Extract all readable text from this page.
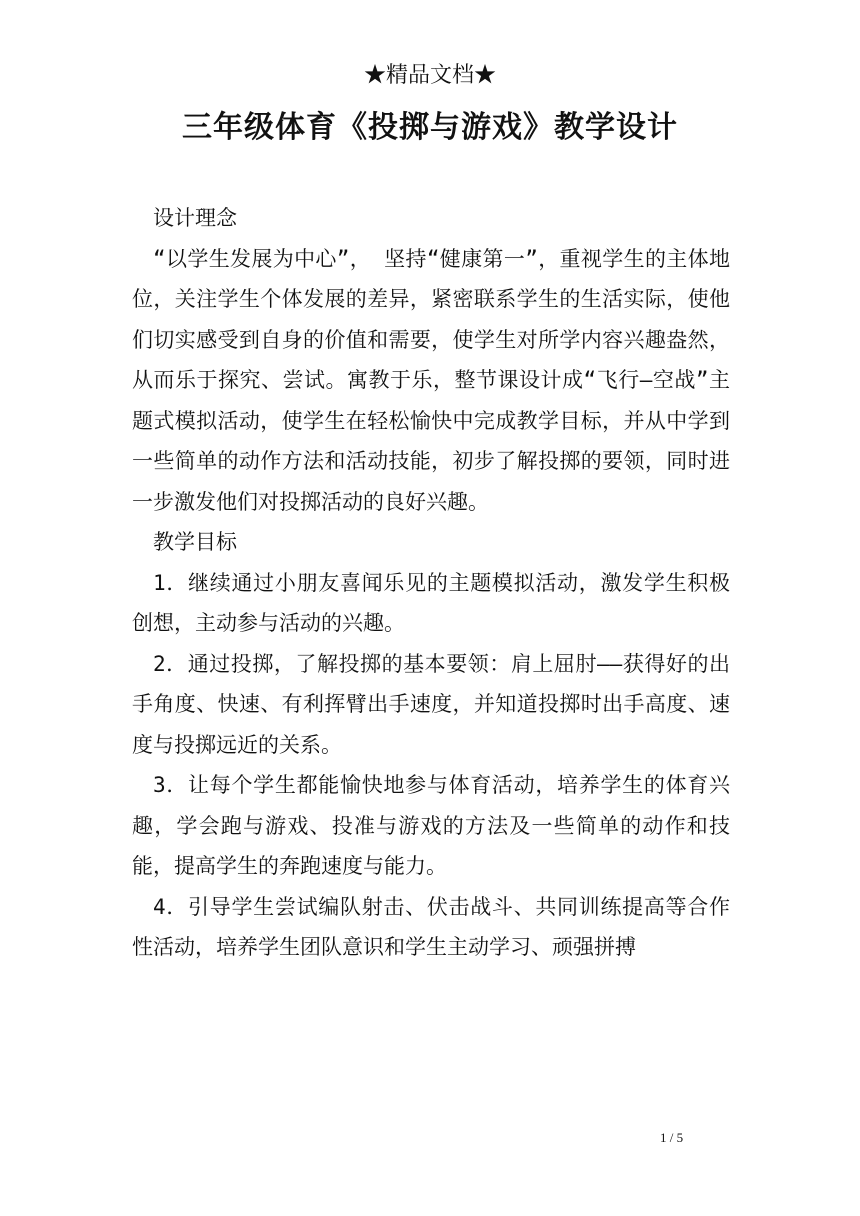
★精品文档★
三年级体育《投掷与游戏》教学设计

设计理念

“以学生发展为中心”， 坚持“健康第一”，重视学生的主体地位，关注学生个体发展的差异，紧密联系学生的生活实际，使他们切实感受到自身的价值和需要，使学生对所学内容兴趣盎然，从而乐于探究、尝试。寓教于乐，整节课设计成“飞行—空战”主题式模拟活动，使学生在轻松愉快中完成教学目标，并从中学到一些简单的动作方法和活动技能，初步了解投掷的要领，同时进一步激发他们对投掷活动的良好兴趣。

教学目标

1．继续通过小朋友喜闻乐见的主题模拟活动，激发学生积极创想，主动参与活动的兴趣。

2．通过投掷，了解投掷的基本要领：肩上屈肘——获得好的出手角度、快速、有利挥臂出手速度，并知道投掷时出手高度、速度与投掷远近的关系。

3．让每个学生都能愉快地参与体育活动，培养学生的体育兴趣，学会跑与游戏、投准与游戏的方法及一些简单的动作和技能，提高学生的奔跑速度与能力。

4．引导学生尝试编队射击、伏击战斗、共同训练提高等合作性活动，培养学生团队意识和学生主动学习、顽强拼搏

1 / 5
